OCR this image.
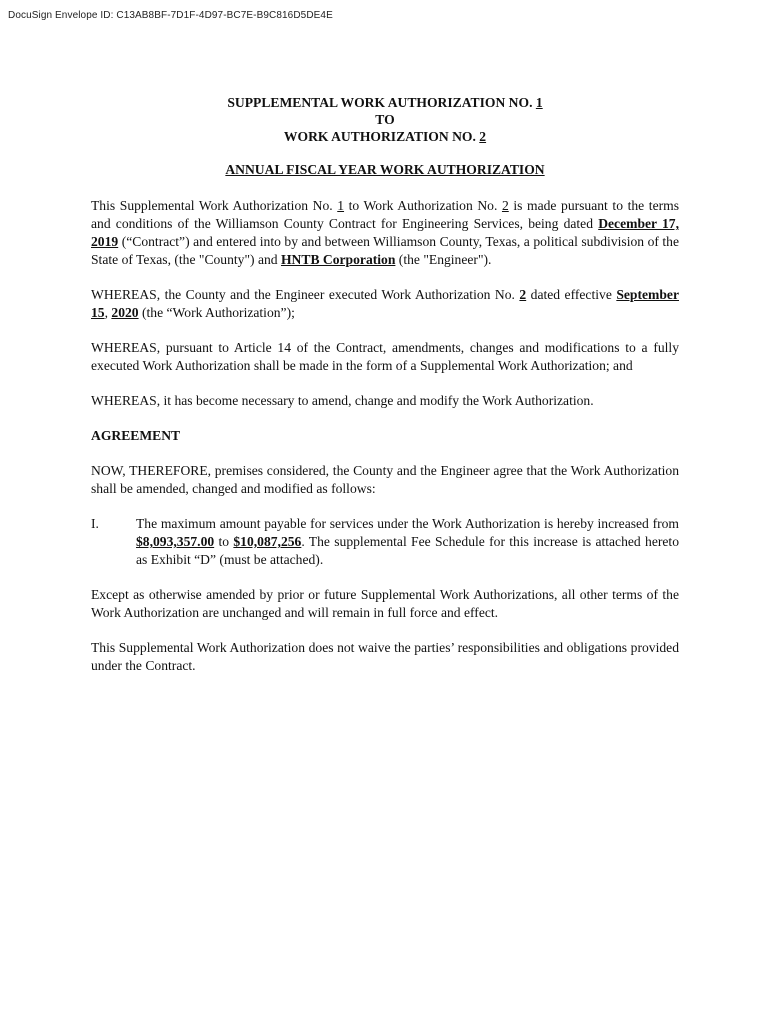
DocuSign Envelope ID: C13AB8BF-7D1F-4D97-BC7E-B9C816D5DE4E
SUPPLEMENTAL WORK AUTHORIZATION NO. 1
TO
WORK AUTHORIZATION NO. 2
ANNUAL FISCAL YEAR WORK AUTHORIZATION

This Supplemental Work Authorization No. 1 to Work Authorization No. 2 is made pursuant to the terms and conditions of the Williamson County Contract for Engineering Services, being dated December 17, 2019 (“Contract”) and entered into by and between Williamson County, Texas, a political subdivision of the State of Texas, (the "County") and HNTB Corporation (the "Engineer").

WHEREAS, the County and the Engineer executed Work Authorization No. 2 dated effective September 15, 2020 (the “Work Authorization”);

WHEREAS, pursuant to Article 14 of the Contract, amendments, changes and modifications to a fully executed Work Authorization shall be made in the form of a Supplemental Work Authorization; and

WHEREAS, it has become necessary to amend, change and modify the Work Authorization.

AGREEMENT

NOW, THEREFORE, premises considered, the County and the Engineer agree that the Work Authorization shall be amended, changed and modified as follows:

I.	The maximum amount payable for services under the Work Authorization is hereby increased from $8,093,357.00 to $10,087,256. The supplemental Fee Schedule for this increase is attached hereto as Exhibit “D” (must be attached).

Except as otherwise amended by prior or future Supplemental Work Authorizations, all other terms of the Work Authorization are unchanged and will remain in full force and effect.

This Supplemental Work Authorization does not waive the parties’ responsibilities and obligations provided under the Contract.
